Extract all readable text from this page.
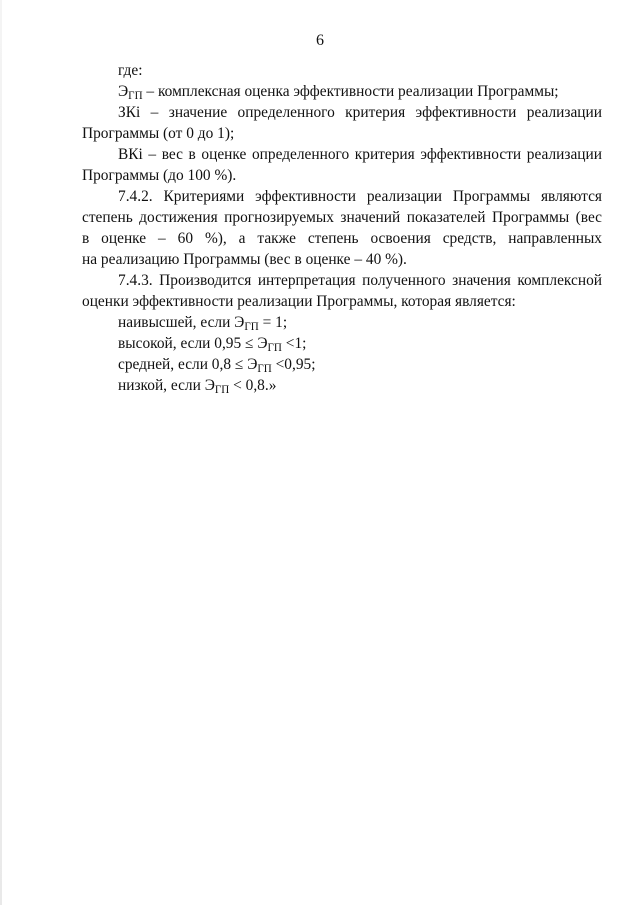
6
где:
$Э_{ГП}$ – комплексная оценка эффективности реализации Программы;
ЗКi – значение определенного критерия эффективности реализации
Программы (от 0 до 1);
ВКi – вес в оценке определенного критерия эффективности реализации
Программы (до 100 %).
7.4.2. Критериями эффективности реализации Программы являются
степень достижения прогнозируемых значений показателей Программы (вес
в оценке – 60 %), а также степень освоения средств, направленных
на реализацию Программы (вес в оценке – 40 %).
7.4.3. Производится интерпретация полученного значения комплексной
оценки эффективности реализации Программы, которая является:
наивысшей, если $Э_{ГП} = 1$;
высокой, если $0,95 \le Э_{ГП} <1$;
средней, если $0,8 \le Э_{ГП} <0,95$;
низкой, если $Э_{ГП} < 0,8$.»
